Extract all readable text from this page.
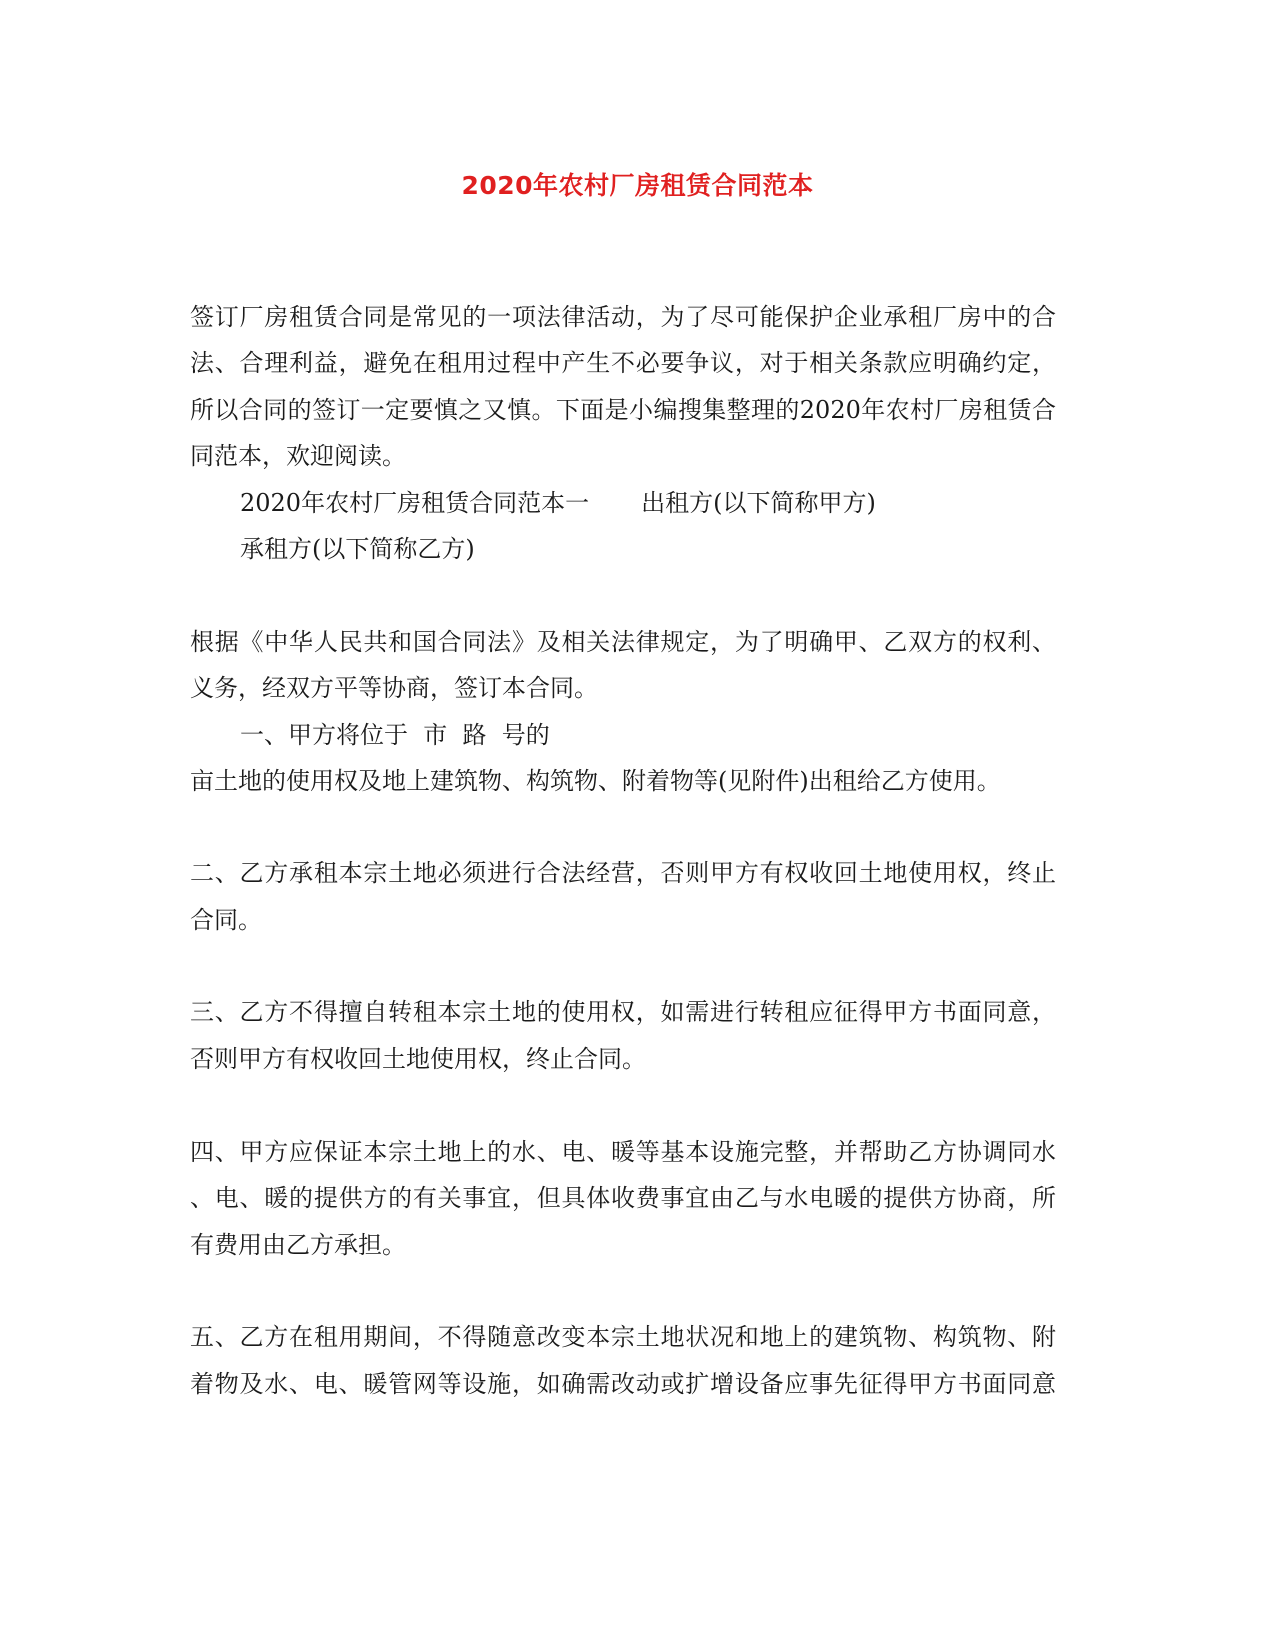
2020年农村厂房租赁合同范本
签订厂房租赁合同是常见的一项法律活动，为了尽可能保护企业承租厂房中的合
法、合理利益，避免在租用过程中产生不必要争议，对于相关条款应明确约定，
所以合同的签订一定要慎之又慎。下面是小编搜集整理的2020年农村厂房租赁合
同范本，欢迎阅读。
2020年农村厂房租赁合同范本一 出租方(以下简称甲方)
承租方(以下简称乙方)
根据《中华人民共和国合同法》及相关法律规定，为了明确甲、乙双方的权利、
义务，经双方平等协商，签订本合同。
一、甲方将位于  市  路  号的
亩土地的使用权及地上建筑物、构筑物、附着物等(见附件)出租给乙方使用。
二、乙方承租本宗土地必须进行合法经营，否则甲方有权收回土地使用权，终止
合同。
三、乙方不得擅自转租本宗土地的使用权，如需进行转租应征得甲方书面同意，
否则甲方有权收回土地使用权，终止合同。
四、甲方应保证本宗土地上的水、电、暖等基本设施完整，并帮助乙方协调同水
、电、暖的提供方的有关事宜，但具体收费事宜由乙与水电暖的提供方协商，所
有费用由乙方承担。
五、乙方在租用期间，不得随意改变本宗土地状况和地上的建筑物、构筑物、附
着物及水、电、暖管网等设施，如确需改动或扩增设备应事先征得甲方书面同意
